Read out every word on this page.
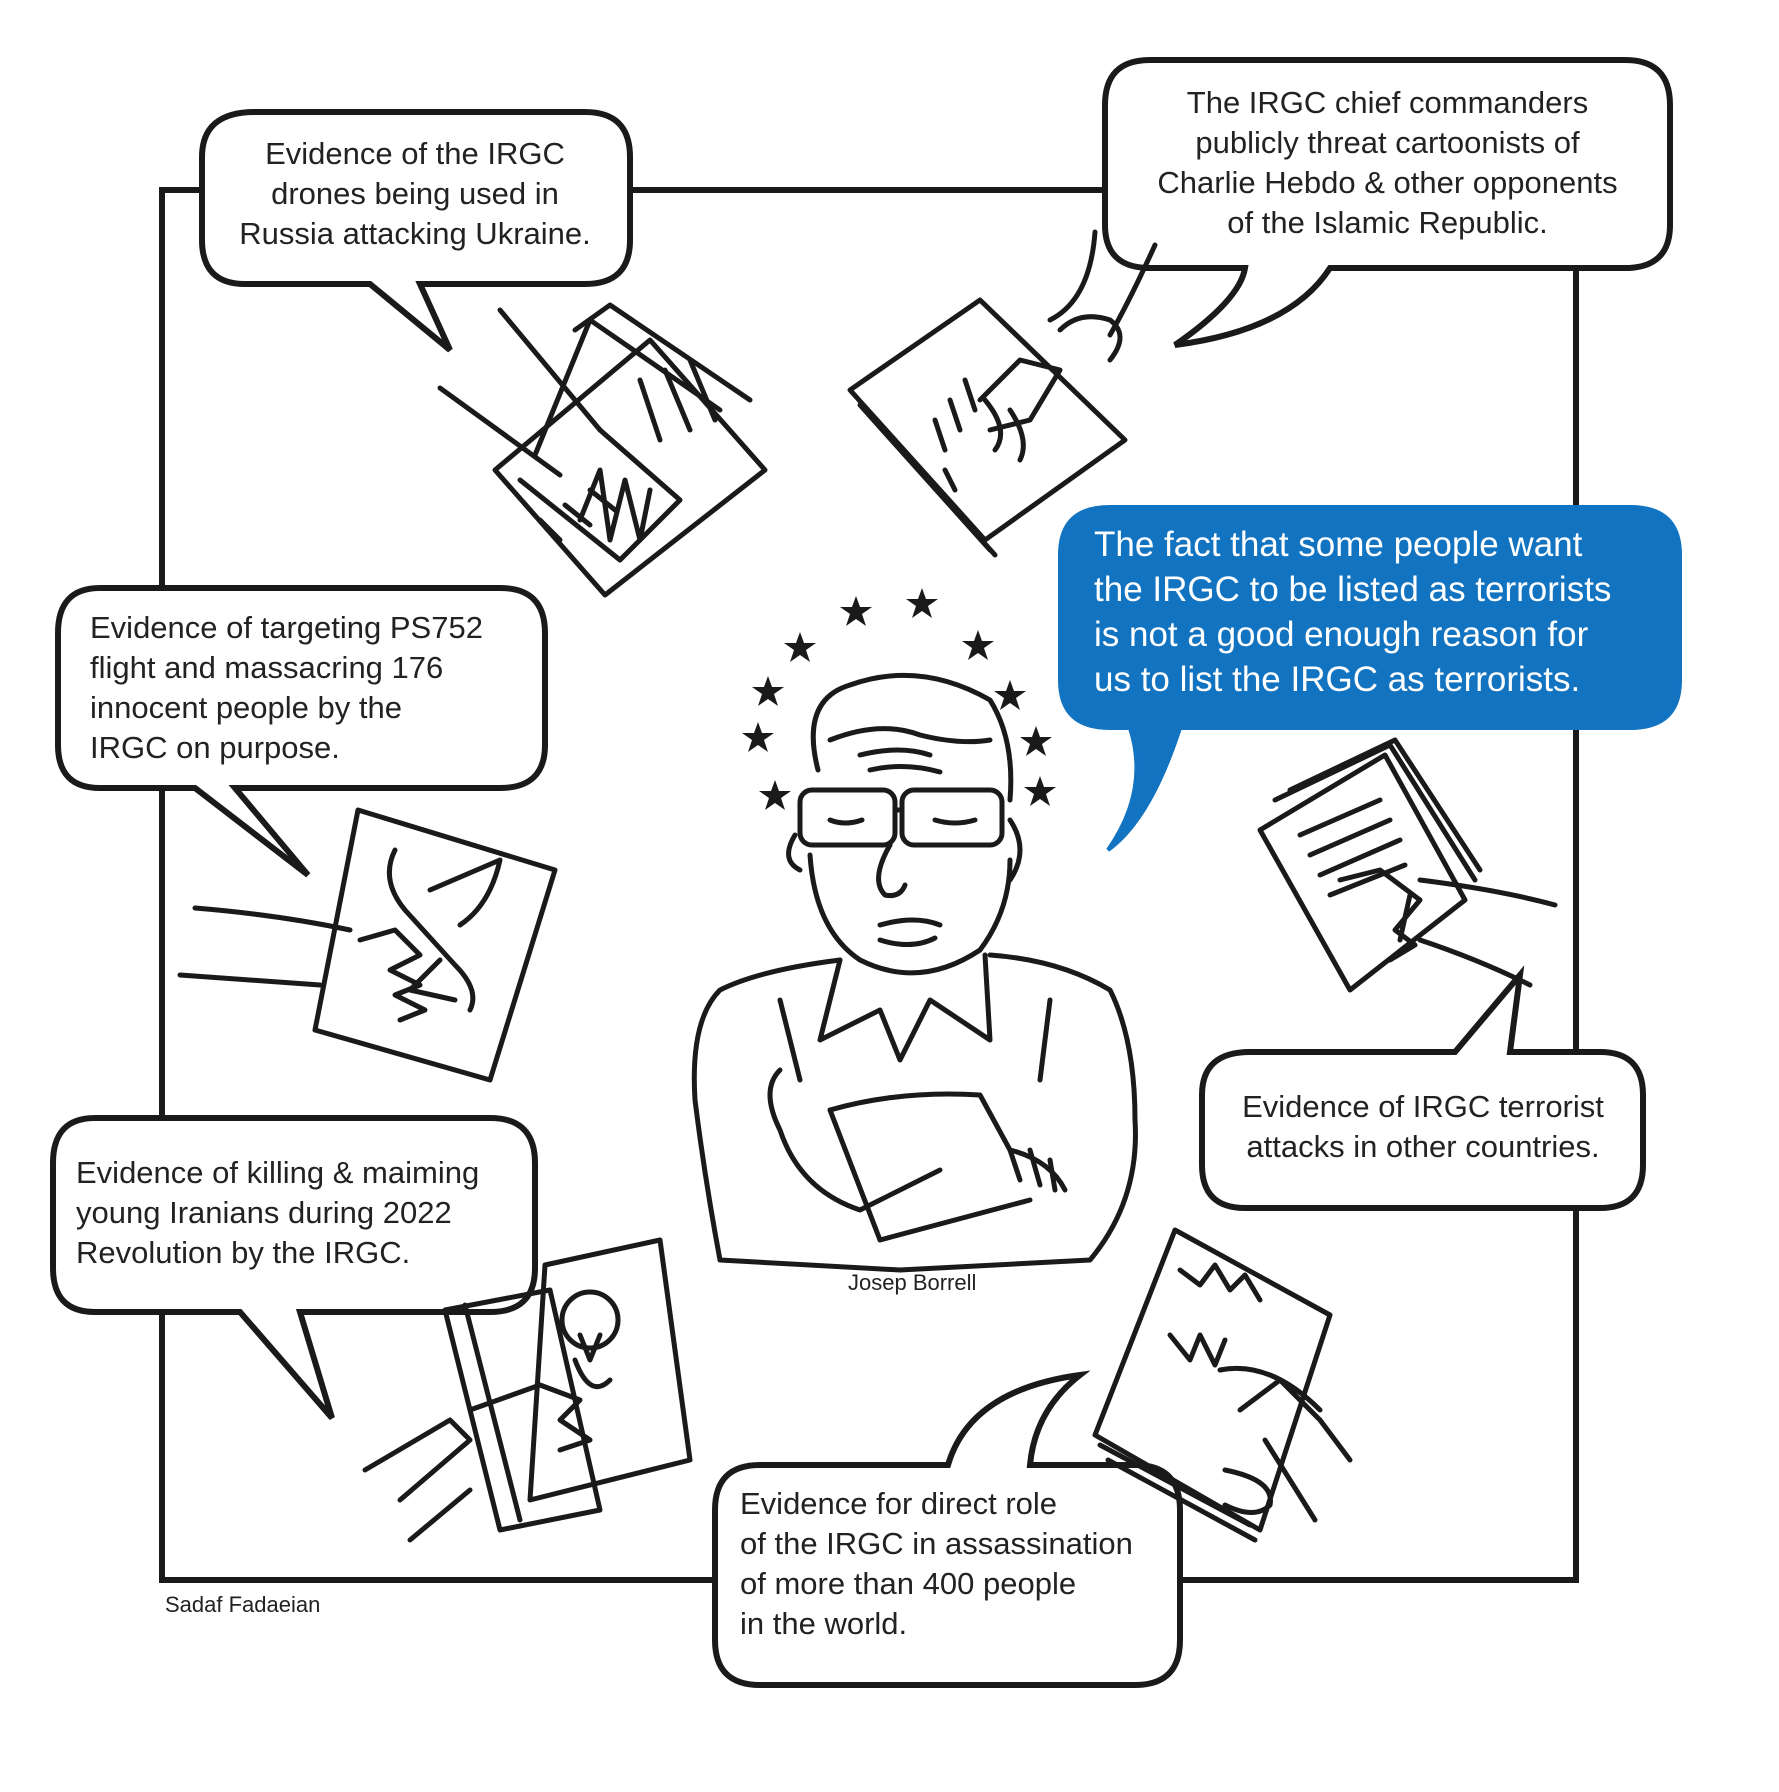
Evidence of the IRGC
drones being used in
Russia attacking Ukraine.
The IRGC chief commanders
publicly threat cartoonists of
Charlie Hebdo & other opponents
of the Islamic Republic.
Evidence of targeting PS752
flight and massacring 176
innocent people by the
IRGC on purpose.
The fact that some people want
the IRGC to be listed as terrorists
is not a good enough reason for
us to list the IRGC as terrorists.
Evidence of IRGC terrorist
attacks in other countries.
Evidence of killing & maiming
young Iranians during 2022
Revolution by the IRGC.
Evidence for direct role
of the IRGC in assassination
of more than 400 people
in the world.
Josep Borrell
Sadaf Fadaeian
